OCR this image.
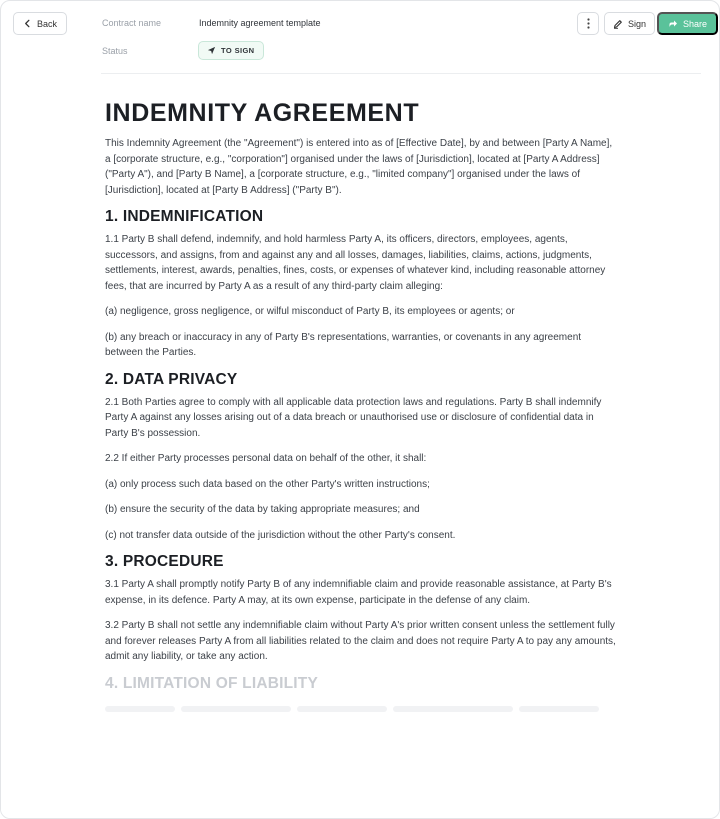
Back	Contract name	Indemnity agreement template
Status	TO SIGN
Sign	Share
INDEMNITY AGREEMENT

This Indemnity Agreement (the "Agreement") is entered into as of [Effective Date], by and between [Party A Name], a [corporate structure, e.g., "corporation"] organised under the laws of [Jurisdiction], located at [Party A Address] ("Party A"), and [Party B Name], a [corporate structure, e.g., "limited company"] organised under the laws of [Jurisdiction], located at [Party B Address] ("Party B").

1. INDEMNIFICATION

1.1 Party B shall defend, indemnify, and hold harmless Party A, its officers, directors, employees, agents, successors, and assigns, from and against any and all losses, damages, liabilities, claims, actions, judgments, settlements, interest, awards, penalties, fines, costs, or expenses of whatever kind, including reasonable attorney fees, that are incurred by Party A as a result of any third-party claim alleging:

(a) negligence, gross negligence, or wilful misconduct of Party B, its employees or agents; or

(b) any breach or inaccuracy in any of Party B's representations, warranties, or covenants in any agreement between the Parties.

2. DATA PRIVACY

2.1 Both Parties agree to comply with all applicable data protection laws and regulations. Party B shall indemnify Party A against any losses arising out of a data breach or unauthorised use or disclosure of confidential data in Party B's possession.

2.2 If either Party processes personal data on behalf of the other, it shall:

(a) only process such data based on the other Party's written instructions;

(b) ensure the security of the data by taking appropriate measures; and

(c) not transfer data outside of the jurisdiction without the other Party's consent.

3. PROCEDURE

3.1 Party A shall promptly notify Party B of any indemnifiable claim and provide reasonable assistance, at Party B's expense, in its defence. Party A may, at its own expense, participate in the defense of any claim.

3.2 Party B shall not settle any indemnifiable claim without Party A's prior written consent unless the settlement fully and forever releases Party A from all liabilities related to the claim and does not require Party A to pay any amounts, admit any liability, or take any action.

4. LIMITATION OF LIABILITY
